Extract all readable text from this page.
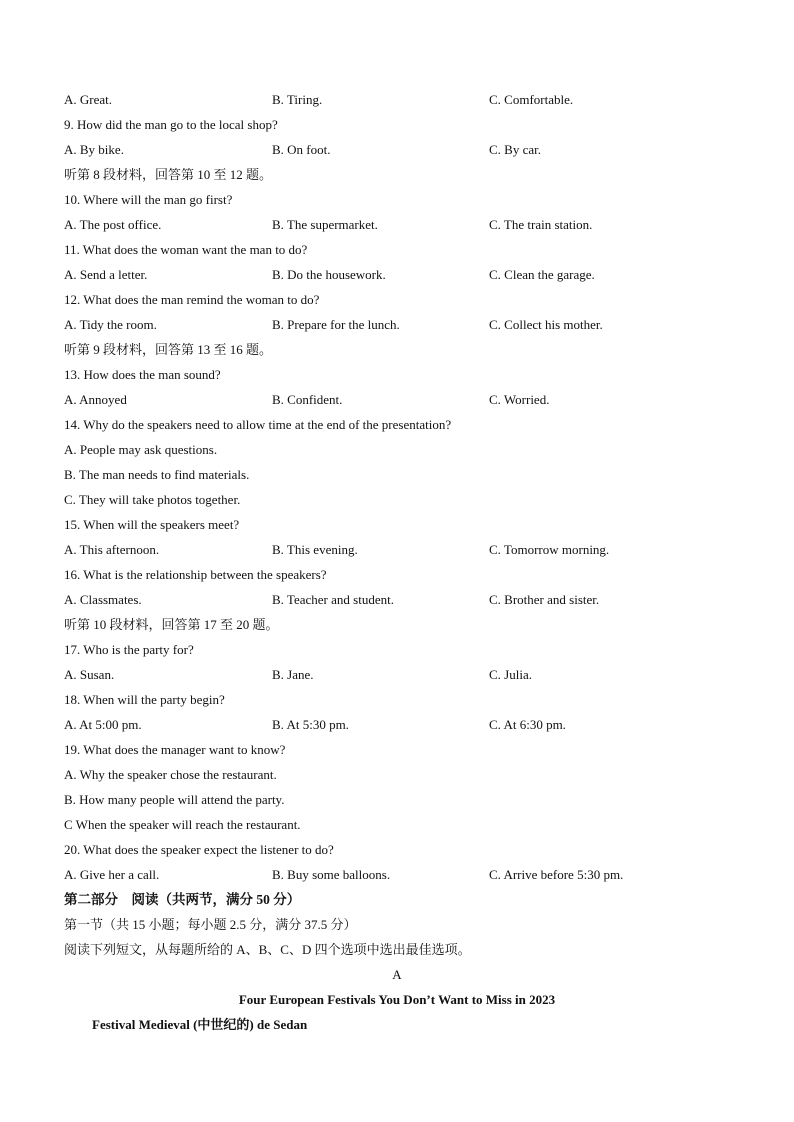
A. Great.	B. Tiring.	C. Comfortable.
9. How did the man go to the local shop?
A. By bike.	B. On foot.	C. By car.
听第 8 段材料，回答第 10 至 12 题。
10. Where will the man go first?
A. The post office.	B. The supermarket.	C. The train station.
11. What does the woman want the man to do?
A. Send a letter.	B. Do the housework.	C. Clean the garage.
12. What does the man remind the woman to do?
A. Tidy the room.	B. Prepare for the lunch.	C. Collect his mother.
听第 9 段材料，回答第 13 至 16 题。
13. How does the man sound?
A. Annoyed	B. Confident.	C. Worried.
14. Why do the speakers need to allow time at the end of the presentation?
A. People may ask questions.
B. The man needs to find materials.
C. They will take photos together.
15. When will the speakers meet?
A. This afternoon.	B. This evening.	C. Tomorrow morning.
16. What is the relationship between the speakers?
A. Classmates.	B. Teacher and student.	C. Brother and sister.
听第 10 段材料，回答第 17 至 20 题。
17. Who is the party for?
A. Susan.	B. Jane.	C. Julia.
18. When will the party begin?
A. At 5:00 pm.	B. At 5:30 pm.	C. At 6:30 pm.
19. What does the manager want to know?
A. Why the speaker chose the restaurant.
B. How many people will attend the party.
C When the speaker will reach the restaurant.
20. What does the speaker expect the listener to do?
A. Give her a call.	B. Buy some balloons.	C. Arrive before 5:30 pm.
第二部分　阅读（共两节，满分 50 分）
第一节（共 15 小题；每小题 2.5 分，满分 37.5 分）
阅读下列短文，从每题所给的 A、B、C、D 四个选项中选出最佳选项。
A
Four European Festivals You Don’t Want to Miss in 2023
Festival Medieval (中世纪的) de Sedan
